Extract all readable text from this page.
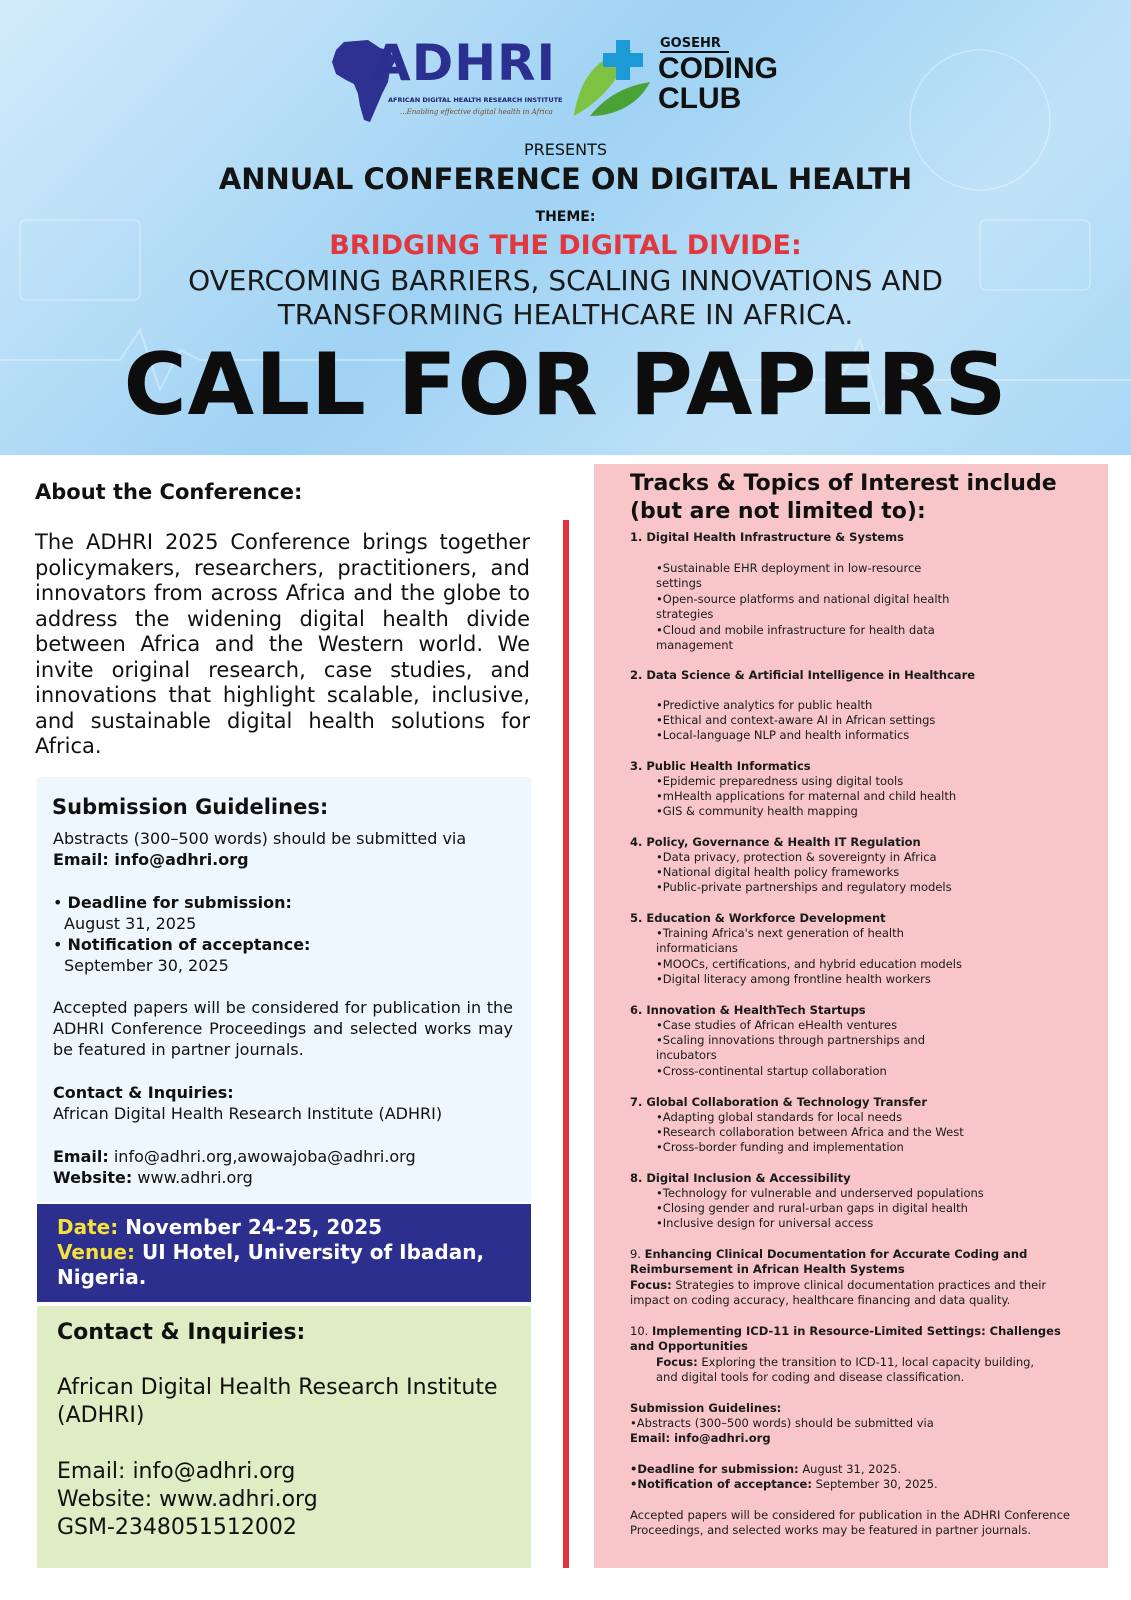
ADHRI
AFRICAN DIGITAL HEALTH RESEARCH INSTITUTE
...Enabling effective digital health in Africa
GOSEHR
CODING
CLUB
PRESENTS
ANNUAL CONFERENCE ON DIGITAL HEALTH
THEME:
BRIDGING THE DIGITAL DIVIDE:
OVERCOMING BARRIERS, SCALING INNOVATIONS AND
TRANSFORMING HEALTHCARE IN AFRICA.
CALL FOR PAPERS
About the Conference:
The ADHRI 2025 Conference brings together policymakers, researchers, practitioners, and innovators from across Africa and the globe to address the widening digital health divide between Africa and the Western world. We invite original research, case studies, and innovations that highlight scalable, inclusive, and sustainable digital health solutions for Africa.
Submission Guidelines:
Abstracts (300–500 words) should be submitted via
Email: info@adhri.org
• Deadline for submission:
August 31, 2025
• Notification of acceptance:
September 30, 2025
Accepted papers will be considered for publication in the ADHRI Conference Proceedings and selected works may be featured in partner journals.
Contact & Inquiries:
African Digital Health Research Institute (ADHRI)
Email: info@adhri.org,awowajoba@adhri.org
Website: www.adhri.org
Date: November 24-25, 2025
Venue: UI Hotel, University of Ibadan, Nigeria.
Contact & Inquiries:
African Digital Health Research Institute (ADHRI)
Email: info@adhri.org
Website: www.adhri.org
GSM-2348051512002
Tracks & Topics of Interest include (but are not limited to):
1. Digital Health Infrastructure & Systems
•Sustainable EHR deployment in low-resource settings
•Open-source platforms and national digital health strategies
•Cloud and mobile infrastructure for health data management
2. Data Science & Artificial Intelligence in Healthcare
•Predictive analytics for public health
•Ethical and context-aware AI in African settings
•Local-language NLP and health informatics
3. Public Health Informatics
•Epidemic preparedness using digital tools
•mHealth applications for maternal and child health
•GIS & community health mapping
4. Policy, Governance & Health IT Regulation
•Data privacy, protection & sovereignty in Africa
•National digital health policy frameworks
•Public-private partnerships and regulatory models
5. Education & Workforce Development
•Training Africa's next generation of health informaticians
•MOOCs, certifications, and hybrid education models
•Digital literacy among frontline health workers
6. Innovation & HealthTech Startups
•Case studies of African eHealth ventures
•Scaling innovations through partnerships and incubators
•Cross-continental startup collaboration
7. Global Collaboration & Technology Transfer
•Adapting global standards for local needs
•Research collaboration between Africa and the West
•Cross-border funding and implementation
8. Digital Inclusion & Accessibility
•Technology for vulnerable and underserved populations
•Closing gender and rural-urban gaps in digital health
•Inclusive design for universal access
9. Enhancing Clinical Documentation for Accurate Coding and Reimbursement in African Health Systems
Focus: Strategies to improve clinical documentation practices and their impact on coding accuracy, healthcare financing and data quality.
10. Implementing ICD-11 in Resource-Limited Settings: Challenges and Opportunities
Focus: Exploring the transition to ICD-11, local capacity building, and digital tools for coding and disease classification.
Submission Guidelines:
•Abstracts (300–500 words) should be submitted via
Email: info@adhri.org
•Deadline for submission: August 31, 2025.
•Notification of acceptance: September 30, 2025.
Accepted papers will be considered for publication in the ADHRI Conference Proceedings, and selected works may be featured in partner journals.
